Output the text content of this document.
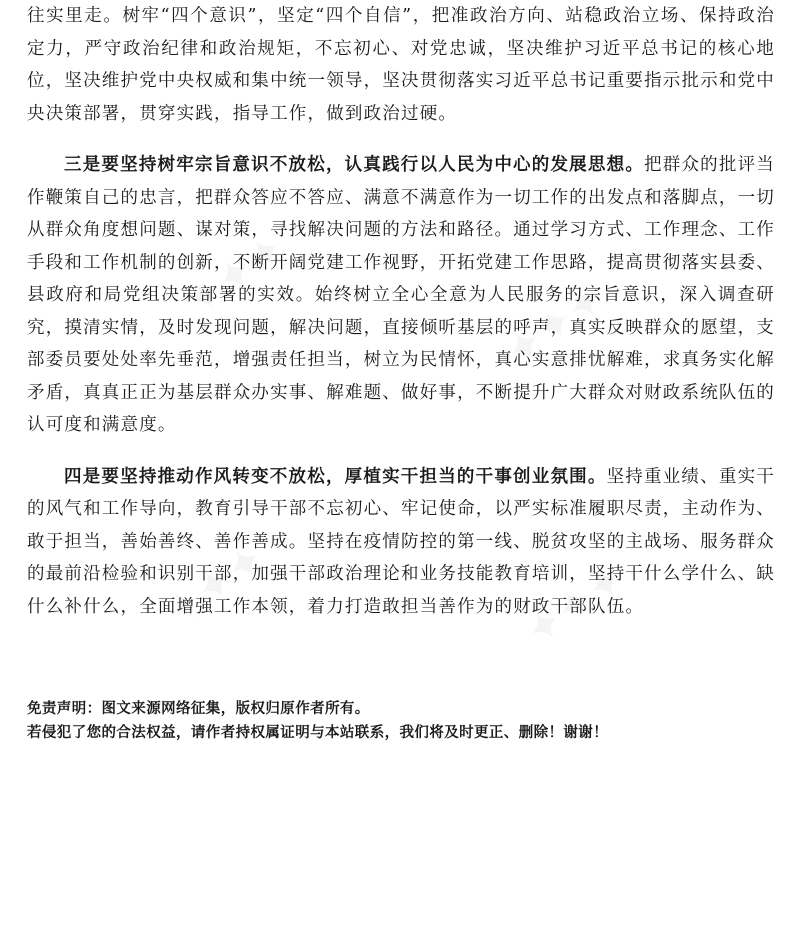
✦✦✦	✦✦✦
✦✦✦	✦✦✦

往实里走。树牢“四个意识”，坚定“四个自信”，把准政治方向、站稳政治立场、保持政治定力，严守政治纪律和政治规矩，不忘初心、对党忠诚，坚决维护习近平总书记的核心地位，坚决维护党中央权威和集中统一领导，坚决贯彻落实习近平总书记重要指示批示和党中央决策部署，贯穿实践，指导工作，做到政治过硬。

三是要坚持树牢宗旨意识不放松，认真践行以人民为中心的发展思想。把群众的批评当作鞭策自己的忠言，把群众答应不答应、满意不满意作为一切工作的出发点和落脚点，一切从群众角度想问题、谋对策，寻找解决问题的方法和路径。通过学习方式、工作理念、工作手段和工作机制的创新，不断开阔党建工作视野，开拓党建工作思路，提高贯彻落实县委、县政府和局党组决策部署的实效。始终树立全心全意为人民服务的宗旨意识，深入调查研究，摸清实情，及时发现问题，解决问题，直接倾听基层的呼声，真实反映群众的愿望，支部委员要处处率先垂范，增强责任担当，树立为民情怀，真心实意排忧解难，求真务实化解矛盾，真真正正为基层群众办实事、解难题、做好事，不断提升广大群众对财政系统队伍的认可度和满意度。

四是要坚持推动作风转变不放松，厚植实干担当的干事创业氛围。坚持重业绩、重实干的风气和工作导向，教育引导干部不忘初心、牢记使命，以严实标准履职尽责，主动作为、敢于担当，善始善终、善作善成。坚持在疫情防控的第一线、脱贫攻坚的主战场、服务群众的最前沿检验和识别干部，加强干部政治理论和业务技能教育培训，坚持干什么学什么、缺什么补什么，全面增强工作本领，着力打造敢担当善作为的财政干部队伍。

免责声明：图文来源网络征集，版权归原作者所有。

若侵犯了您的合法权益，请作者持权属证明与本站联系，我们将及时更正、删除！谢谢！
